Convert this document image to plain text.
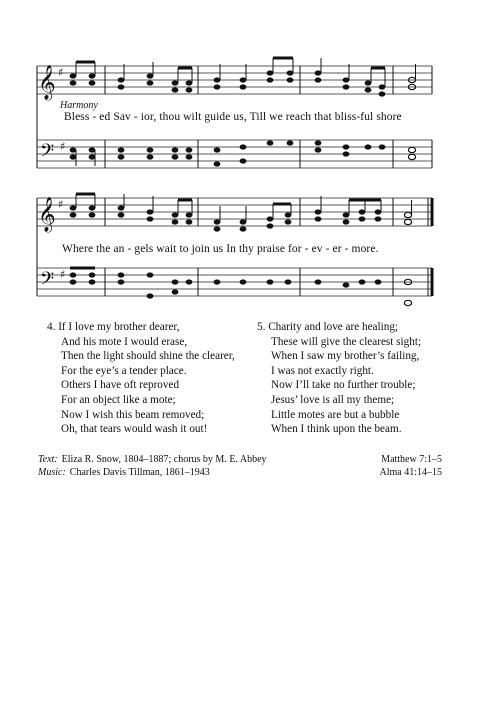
𝄞 ♯
𝄢 ♯
𝄞 ♯
𝄢 ♯
Harmony
Bless - ed Sav - ior, thou wilt guide us, Till we reach that bliss-ful shore
Where the an - gels wait to join us In thy praise for - ev - er - more.
4. If I love my brother dearer,
And his mote I would erase,
Then the light should shine the clearer,
For the eye’s a tender place.
Others I have oft reproved
For an object like a mote;
Now I wish this beam removed;
Oh, that tears would wash it out!
5. Charity and love are healing;
These will give the clearest sight;
When I saw my brother’s failing,
I was not exactly right.
Now I’ll take no further trouble;
Jesus’ love is all my theme;
Little motes are but a bubble
When I think upon the beam.
Text: Eliza R. Snow, 1804–1887; chorus by M. E. Abbey
Music: Charles Davis Tillman, 1861–1943
Matthew 7:1–5
Alma 41:14–15
